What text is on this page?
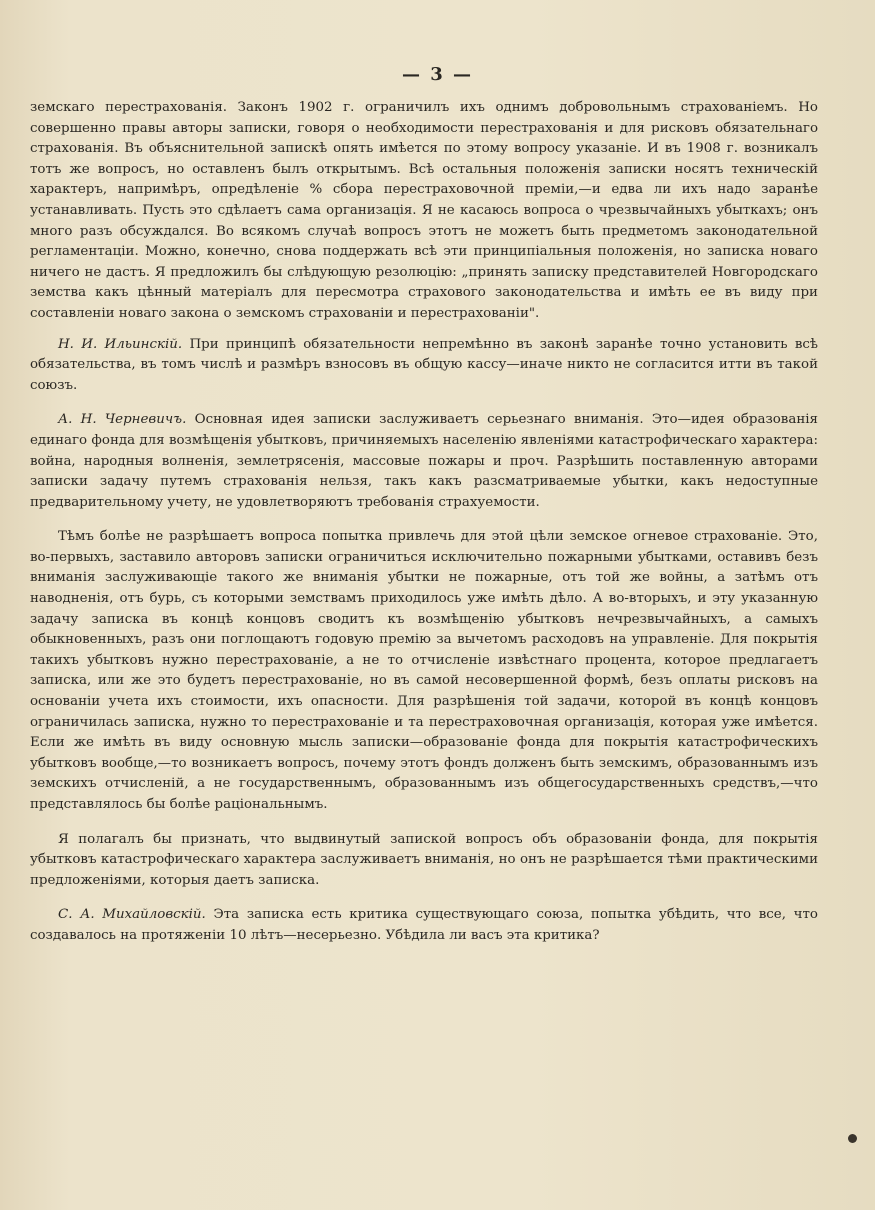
— 3 —

земскаго перестрахованія. Законъ 1902 г. ограничилъ ихъ однимъ добровольнымъ страхованіемъ. Но совершенно правы авторы записки, говоря о необходимости перестрахованія и для рисковъ обязательнаго страхованія. Въ объяснительной запискѣ опять имѣется по этому вопросу указаніе. И въ 1908 г. возникалъ тотъ же вопросъ, но оставленъ былъ открытымъ. Всѣ остальныя положенія записки носятъ техническій характеръ, напримѣръ, опредѣленіе % сбора перестраховочной преміи,—и едва ли ихъ надо заранѣе устанавливать. Пусть это сдѣлаетъ сама организація. Я не касаюсь вопроса о чрезвычайныхъ убыткахъ; онъ много разъ обсуждался. Во всякомъ случаѣ вопросъ этотъ не можетъ быть предметомъ законодательной регламентаціи. Можно, конечно, снова поддержать всѣ эти принципіальныя положенія, но записка новаго ничего не дастъ. Я предложилъ бы слѣдующую резолюцію: „принять записку представителей Новгородскаго земства какъ цѣнный матеріалъ для пересмотра страхового законодательства и имѣть ее въ виду при составленіи новаго закона о земскомъ страхованіи и перестрахованіи".

Н. И. Ильинскій. При принципѣ обязательности непремѣнно въ законѣ заранѣе точно установить всѣ обязательства, въ томъ числѣ и размѣръ взносовъ въ общую кассу—иначе никто не согласится итти въ такой союзъ.

А. Н. Черневичъ. Основная идея записки заслуживаетъ серьезнаго вниманія. Это—идея образованія единаго фонда для возмѣщенія убытковъ, причиняемыхъ населенію явленіями катастрофическаго характера: война, народныя волненія, землетрясенія, массовые пожары и проч. Разрѣшить поставленную авторами записки задачу путемъ страхованія нельзя, такъ какъ разсматриваемые убытки, какъ недоступные предварительному учету, не удовлетворяютъ требованія страхуемости.

Тѣмъ болѣе не разрѣшаетъ вопроса попытка привлечь для этой цѣли земское огневое страхованіе. Это, во-первыхъ, заставило авторовъ записки ограничиться исключительно пожарными убытками, оставивъ безъ вниманія заслуживающіе такого же вниманія убытки не пожарные, отъ той же войны, а затѣмъ отъ наводненія, отъ бурь, съ которыми земствамъ приходилось уже имѣть дѣло. А во-вторыхъ, и эту указанную задачу записка въ концѣ концовъ сводитъ къ возмѣщенію убытковъ нечрезвычайныхъ, а самыхъ обыкновенныхъ, разъ они поглощаютъ годовую премію за вычетомъ расходовъ на управленіе. Для покрытія такихъ убытковъ нужно перестрахованіе, а не то отчисленіе извѣстнаго процента, которое предлагаетъ записка, или же это будетъ перестрахованіе, но въ самой несовершенной формѣ, безъ оплаты рисковъ на основаніи учета ихъ стоимости, ихъ опасности. Для разрѣшенія той задачи, которой въ концѣ концовъ ограничилась записка, нужно то перестрахованіе и та перестраховочная организація, которая уже имѣется. Если же имѣть въ виду основную мысль записки—образованіе фонда для покрытія катастрофическихъ убытковъ вообще,—то возникаетъ вопросъ, почему этотъ фондъ долженъ быть земскимъ, образованнымъ изъ земскихъ отчисленій, а не государственнымъ, образованнымъ изъ общегосударственныхъ средствъ,—что представлялось бы болѣе раціональнымъ.

Я полагалъ бы признать, что выдвинутый запиской вопросъ объ образованіи фонда, для покрытія убытковъ катастрофическаго характера заслуживаетъ вниманія, но онъ не разрѣшается тѣми практическими предложеніями, которыя даетъ записка.

С. А. Михайловскій. Эта записка есть критика существующаго союза, попытка убѣдить, что все, что создавалось на протяженіи 10 лѣтъ—несерьезно. Убѣдила ли васъ эта критика?
